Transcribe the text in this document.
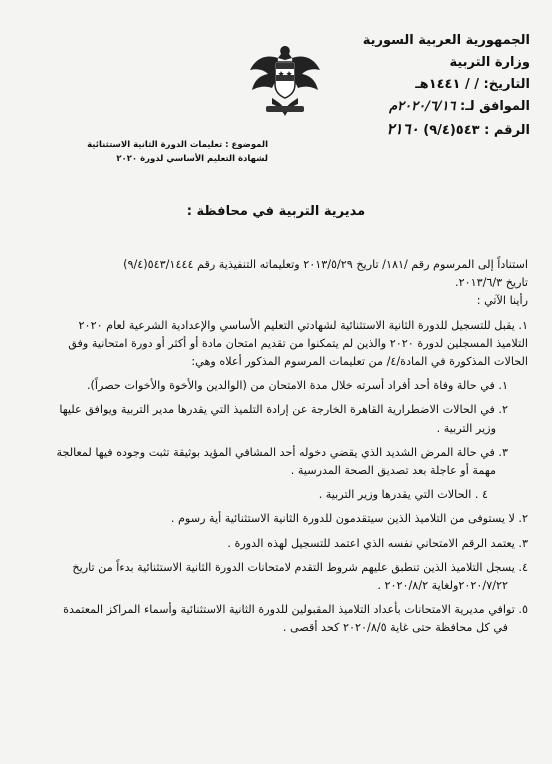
الجمهورية العربية السورية
وزارة التربية
التاريخ: / / ١٤٤١هـ
الموافق لـ: ٢٠٢٠/٦/١٦م
الرقم : ٥٤٣(٩/٤) ٢١٦٠
الموضوع : تعليمات الدورة الثانية الاستثنائية
لشهادة التعليم الأساسي لدورة ٢٠٢٠
مديرية التربية في محافظة :

استناداً إلى المرسوم رقم /١٨١/ تاريخ ٢٠١٣/٥/٢٩ وتعليماته التنفيذية رقم ٥٤٣/١٤٤٤(٩/٤)

تاريخ ٢٠١٣/٦/٣.

رأينا الآتي :

١. يقبل للتسجيل للدورة الثانية الاستثنائية لشهادتي التعليم الأساسي والإعدادية الشرعية لعام ٢٠٢٠

التلاميذ المسجلين لدورة ٢٠٢٠ والذين لم يتمكنوا من تقديم امتحان مادة أو أكثر أو دورة امتحانية وفق

الحالات المذكورة في المادة/٤/ من تعليمات المرسوم المذكور أعلاه وهي:

١. في حالة وفاة أحد أفراد أسرته خلال مدة الامتحان من (الوالدين والأخوة والأخوات حصراً).

٢. في الحالات الاضطرارية القاهرة الخارجة عن إرادة التلميذ التي يقدرها مدير التربية ويوافق عليها

وزير التربية .

٣. في حالة المرض الشديد الذي يقضي دخوله أحد المشافي المؤيد بوثيقة تثبت وجوده فيها لمعالجة

مهمة أو عاجلة بعد تصديق الصحة المدرسية .

٤ . الحالات التي يقدرها وزير التربية .

٢. لا يستوفى من التلاميذ الذين سيتقدمون للدورة الثانية الاستثنائية أية رسوم .

٣. يعتمد الرقم الامتحاني نفسه الذي اعتمد للتسجيل لهذه الدورة .

٤. يسجل التلاميذ الذين تنطبق عليهم شروط التقدم لامتحانات الدورة الثانية الاستثنائية بدءاً من تاريخ

٢٠٢٠/٧/٢٢ولغاية ٢٠٢٠/٨/٢ .

٥. توافي مديرية الامتحانات بأعداد التلاميذ المقبولين للدورة الثانية الاستثنائية وأسماء المراكز المعتمدة

في كل محافظة حتى غاية ٢٠٢٠/٨/٥ كحد أقصى .
